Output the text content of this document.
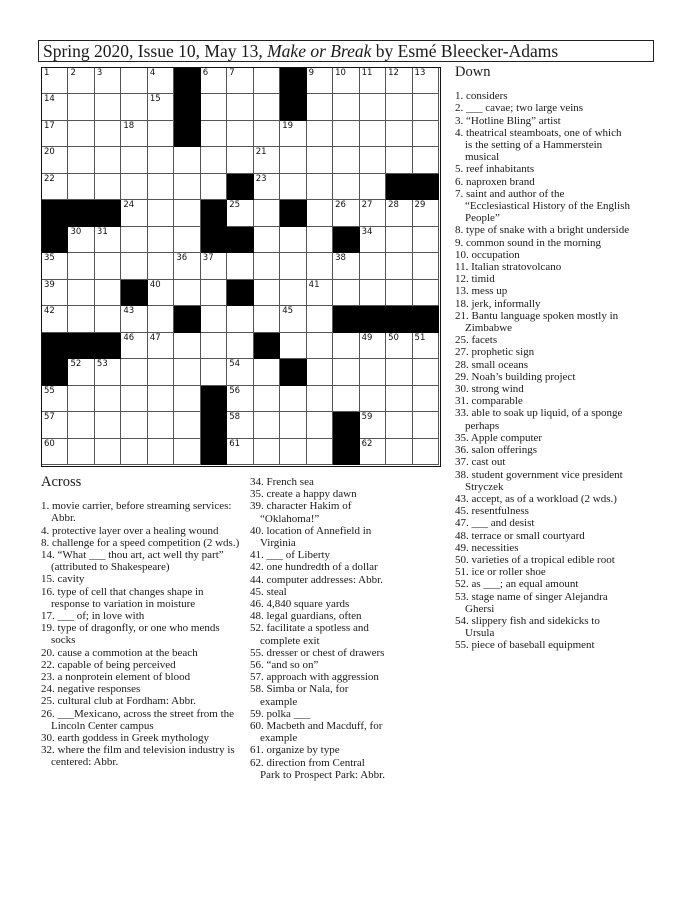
Spring 2020, Issue 10, May 13, Make or Break by Esmé Bleecker-Adams
1 2 3	4	6 7	9 10 11 12 13
14	15
17	18	19
20	21
22	23
24	25	26 27 28 29
30 31	34
35	36 37	38
39	40	41
42	43	45
46 47	49 50 51
52 53	54
55	56
57	58	59
60	61	62
Down

1. considers

2. ___ cavae; two large veins

3. “Hotline Bling” artist

4. theatrical steamboats, one of which is the setting of a Hammerstein musical

5. reef inhabitants

6. naproxen brand

7. saint and author of the “Ecclesiastical History of the English People”

8. type of snake with a bright underside

9. common sound in the morning

10. occupation

11. Italian stratovolcano

12. timid

13. mess up

18. jerk, informally

21. Bantu language spoken mostly in Zimbabwe

25. facets

27. prophetic sign

28. small oceans

29. Noah’s building project

30. strong wind

31. comparable

33. able to soak up liquid, of a sponge perhaps

35. Apple computer

36. salon offerings

37. cast out

38. student government vice president Stryczek

43. accept, as of a workload (2 wds.)

45. resentfulness

47. ___ and desist

48. terrace or small courtyard

49. necessities

50. varieties of a tropical edible root

51. ice or roller shoe

52. as ___; an equal amount

53. stage name of singer Alejandra Ghersi

54. slippery fish and sidekicks to Ursula

55. piece of baseball equipment

Across

1. movie carrier, before streaming services: Abbr.

4. protective layer over a healing wound

8. challenge for a speed competition (2 wds.)

14. “What ___ thou art, act well thy part” (attributed to Shakespeare)

15. cavity

16. type of cell that changes shape in response to variation in moisture

17. ___ of; in love with

19. type of dragonfly, or one who mends socks

20. cause a commotion at the beach

22. capable of being perceived

23. a nonprotein element of blood

24. negative responses

25. cultural club at Fordham: Abbr.

26. ___Mexicano, across the street from the Lincoln Center campus

30. earth goddess in Greek mythology

32. where the film and television industry is centered: Abbr.

34. French sea

35. create a happy dawn

39. character Hakim of “Oklahoma!”

40. location of Annefield in Virginia

41. ___ of Liberty

42. one hundredth of a dollar

44. computer addresses: Abbr.

45. steal

46. 4,840 square yards

48. legal guardians, often

52. facilitate a spotless and complete exit

55. dresser or chest of drawers

56. “and so on”

57. approach with aggression

58. Simba or Nala, for example

59. polka ___

60. Macbeth and Macduff, for example

61. organize by type

62. direction from Central Park to Prospect Park: Abbr.
